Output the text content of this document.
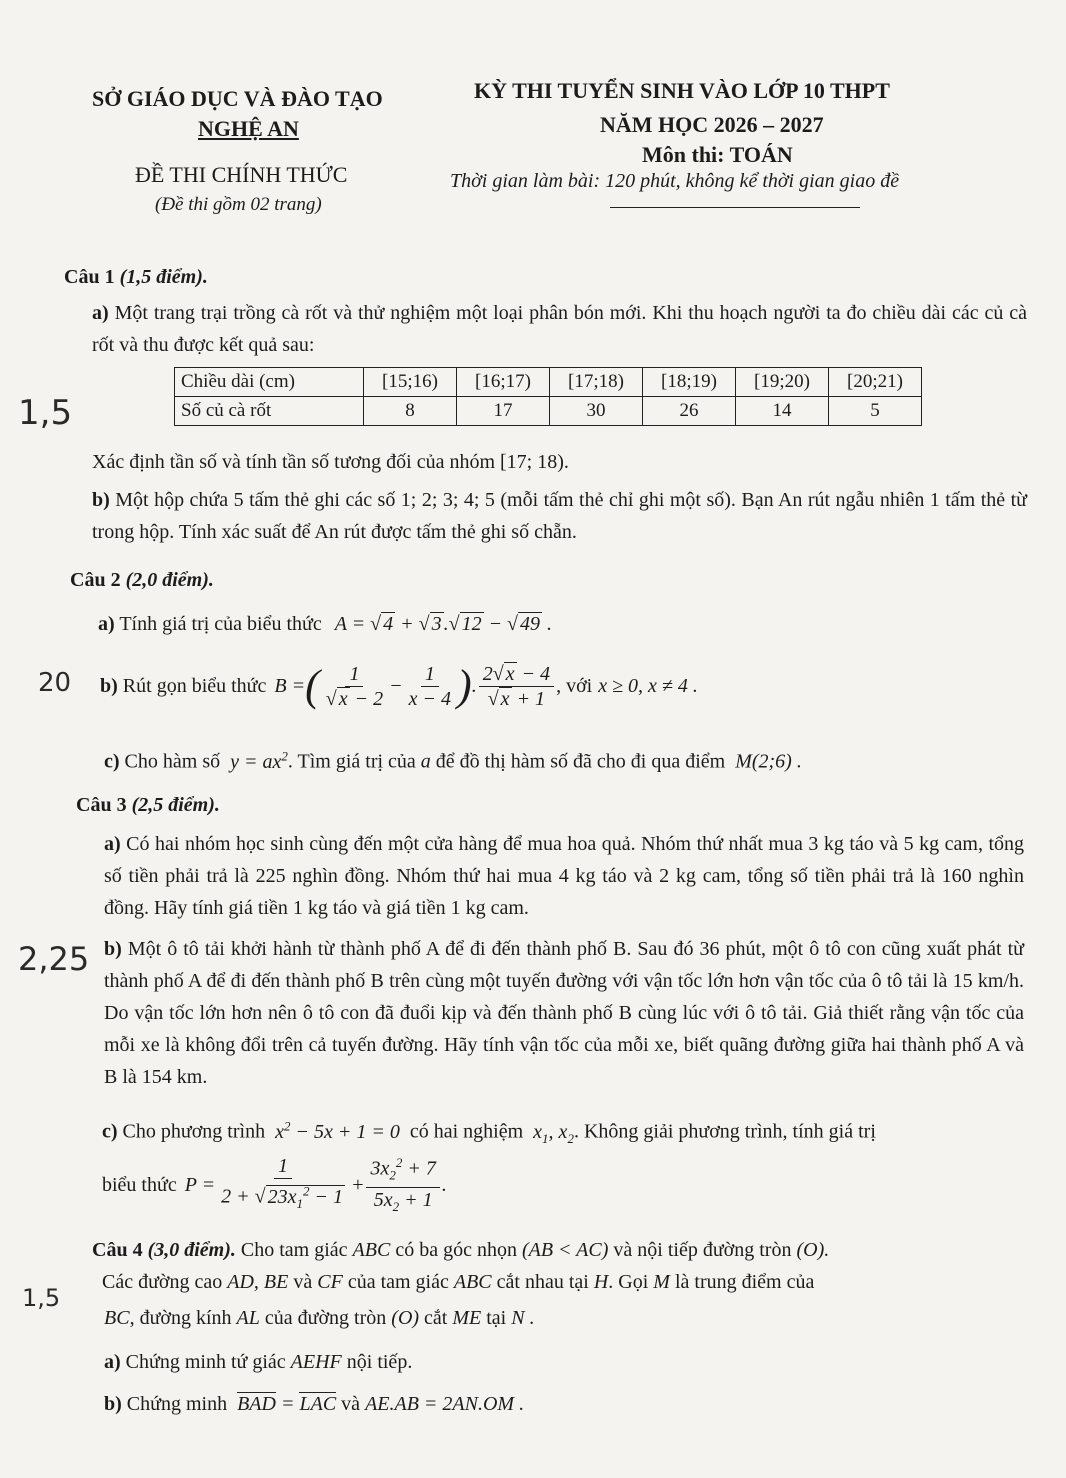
SỞ GIÁO DỤC VÀ ĐÀO TẠO
NGHỆ AN
ĐỀ THI CHÍNH THỨC
(Đề thi gồm 02 trang)
KỲ THI TUYỂN SINH VÀO LỚP 10 THPT
NĂM HỌC 2026 – 2027
Môn thi: TOÁN
Thời gian làm bài: 120 phút, không kể thời gian giao đề
1,5
20
2,25
1,5
Câu 1 (1,5 điểm).
a) Một trang trại trồng cà rốt và thử nghiệm một loại phân bón mới. Khi thu hoạch người ta đo chiều dài các củ cà rốt và thu được kết quả sau:
Chiều dài (cm)	[15;16)	[16;17)	[17;18)	[18;19)	[19;20)	[20;21)
Số củ cà rốt	8	17	30	26	14	5
Xác định tần số và tính tần số tương đối của nhóm [17; 18).
b) Một hộp chứa 5 tấm thẻ ghi các số 1; 2; 3; 4; 5 (mỗi tấm thẻ chỉ ghi một số). Bạn An rút ngẫu nhiên 1 tấm thẻ từ trong hộp. Tính xác suất để An rút được tấm thẻ ghi số chẵn.
Câu 2 (2,0 điểm).
a) Tính giá trị của biểu thức A = √ 4 + √ 3 .√ 12 − √ 49 .
b)
Rút gọn biểu thức B = ( $\frac{1}{√ x - 2} - \frac{1}{x - 4}$ ) . $\frac{2√ x - 4}{√ x + 1}$ , với x ≥ 0, x ≠ 4 .
c) Cho hàm số  $y = ax^2$. Tìm giá trị của a để đồ thị hàm số đã cho đi qua điểm  M(2;6) .
Câu 3 (2,5 điểm).
a) Có hai nhóm học sinh cùng đến một cửa hàng để mua hoa quả. Nhóm thứ nhất mua 3 kg táo và 5 kg cam, tổng số tiền phải trả là 225 nghìn đồng. Nhóm thứ hai mua 4 kg táo và 2 kg cam, tổng số tiền phải trả là 160 nghìn đồng. Hãy tính giá tiền 1 kg táo và giá tiền 1 kg cam.
b) Một ô tô tải khởi hành từ thành phố A để đi đến thành phố B. Sau đó 36 phút, một ô tô con cũng xuất phát từ thành phố A để đi đến thành phố B trên cùng một tuyến đường với vận tốc lớn hơn vận tốc của ô tô tải là 15 km/h. Do vận tốc lớn hơn nên ô tô con đã đuổi kịp và đến thành phố B cùng lúc với ô tô tải. Giả thiết rằng vận tốc của mỗi xe là không đổi trên cả tuyến đường. Hãy tính vận tốc của mỗi xe, biết quãng đường giữa hai thành phố A và B là 154 km.
c) Cho phương trình  $x^2 - 5x + 1 = 0$  có hai nghiệm  $x_1$, $x_2$. Không giải phương trình, tính giá trị
biểu thức $P = \frac{1}{2 + √ 23x_1^2 - 1} + \frac{3x_2^2 + 7}{5x_2 + 1}$ .
Câu 4 (3,0 điểm). Cho tam giác ABC có ba góc nhọn (AB < AC) và nội tiếp đường tròn (O).
Các đường cao AD, BE và CF của tam giác ABC cắt nhau tại H. Gọi M là trung điểm của
BC, đường kính AL của đường tròn (O) cắt ME tại N .
a) Chứng minh tứ giác AEHF nội tiếp.
b) Chứng minh BAD = LAC và AE.AB = 2AN.OM .
